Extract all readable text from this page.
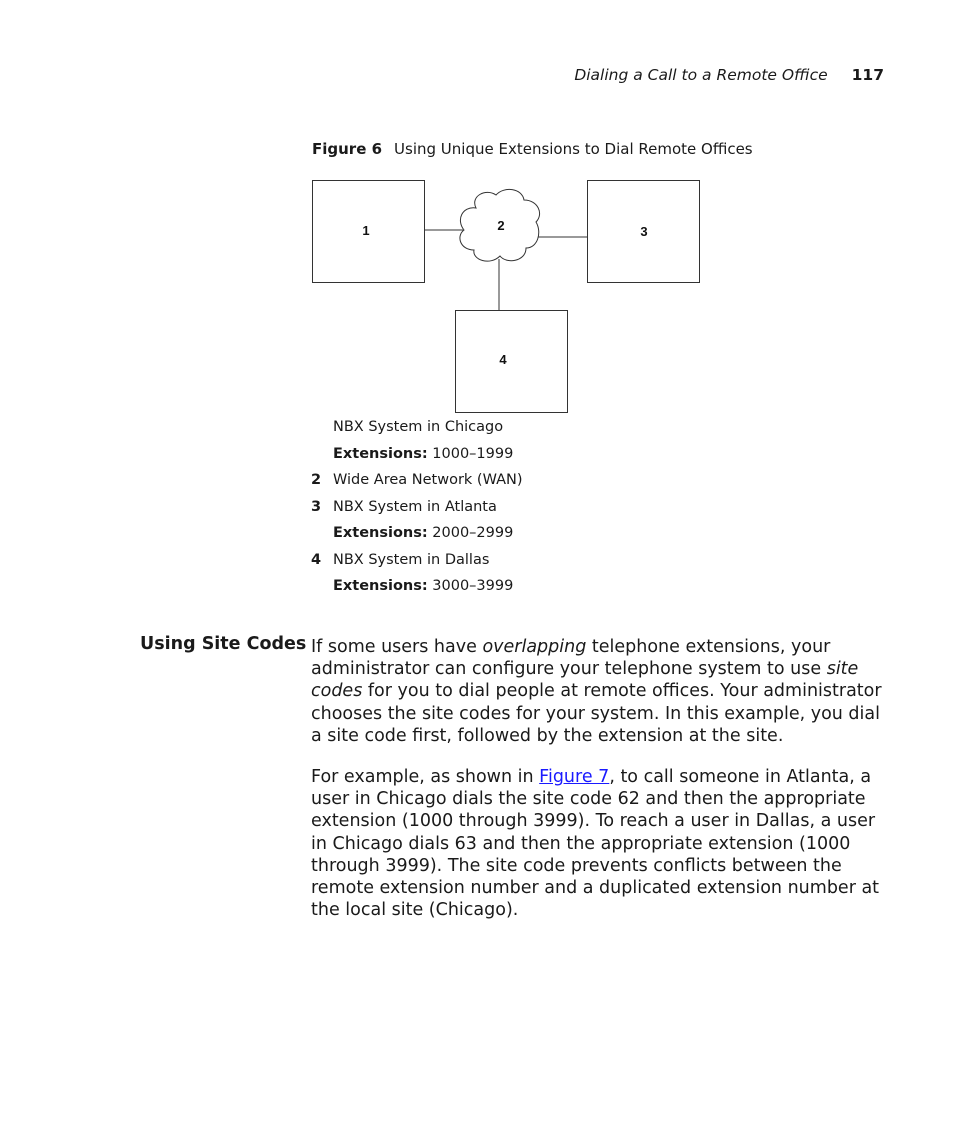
Dialing a Call to a Remote Office 117
Figure 6 Using Unique Extensions to Dial Remote Offices
1	2	3
4
NBX System in Chicago
Extensions: 1000–1999
2 Wide Area Network (WAN)
3 NBX System in Atlanta
Extensions: 2000–2999
4 NBX System in Dallas
Extensions: 3000–3999
Using Site Codes If some users have overlapping telephone extensions, your administrator can configure your telephone system to use site codes for you to dial people at remote offices. Your administrator chooses the site codes for your system. In this example, you dial a site code first, followed by the extension at the site.

For example, as shown in Figure 7, to call someone in Atlanta, a user in Chicago dials the site code 62 and then the appropriate extension (1000 through 3999). To reach a user in Dallas, a user in Chicago dials 63 and then the appropriate extension (1000 through 3999). The site code prevents conflicts between the remote extension number and a duplicated extension number at the local site (Chicago).
